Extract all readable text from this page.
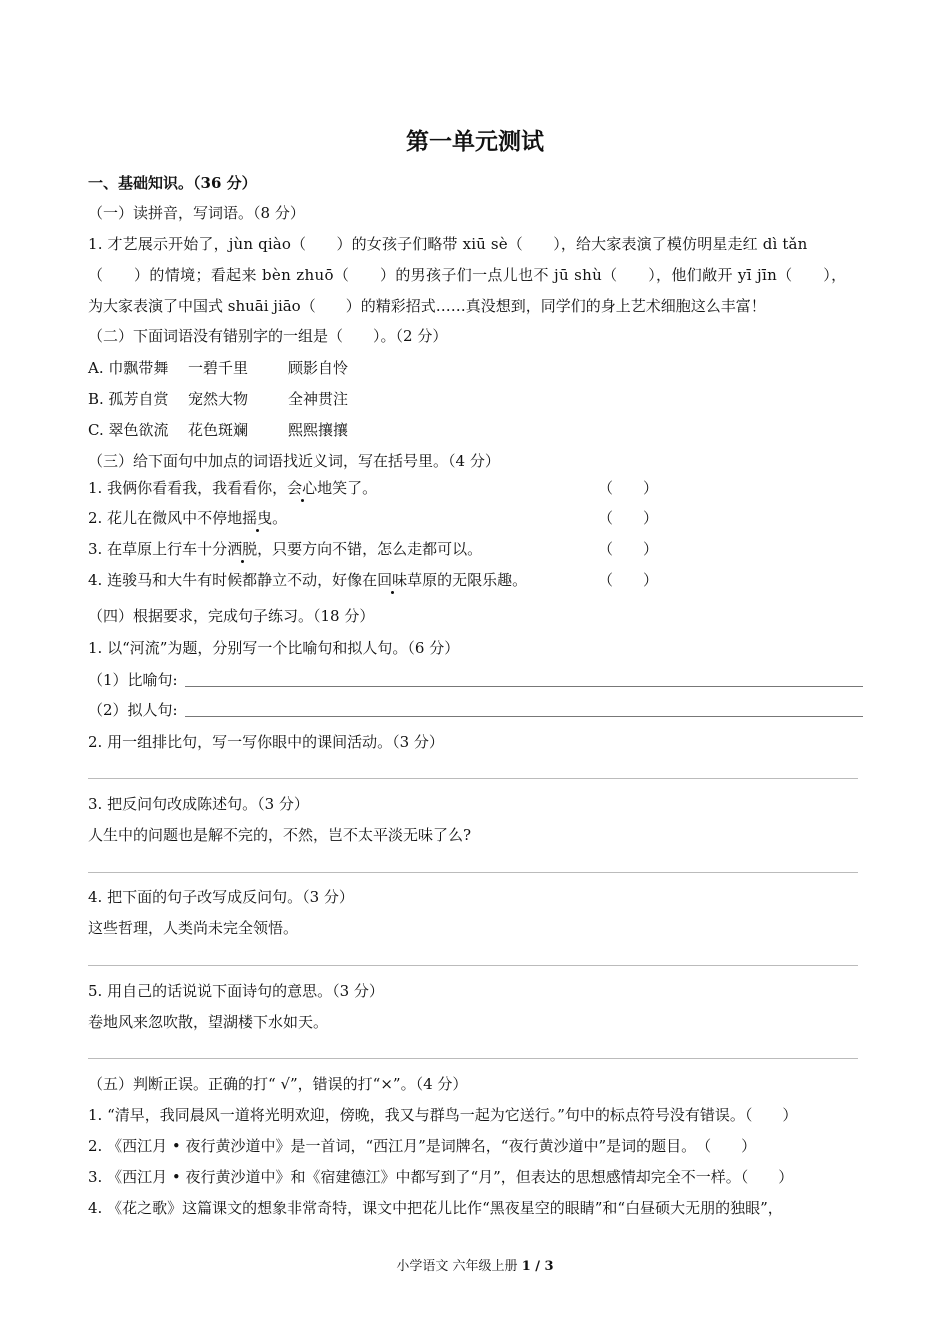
第一单元测试

一、基础知识。（36 分）

（一）读拼音，写词语。（8 分）

1. 才艺展示开始了，jùn qiào（　　）的女孩子们略带 xiū sè（　　），给大家表演了模仿明星走红 dì tǎn

（　　）的情境；看起来 bèn zhuō（　　）的男孩子们一点儿也不 jū shù（　　），他们敞开 yī jīn（　　），

为大家表演了中国式 shuāi jiāo（　　）的精彩招式……真没想到，同学们的身上艺术细胞这么丰富！

（二）下面词语没有错别字的一组是（　　）。（2 分）

A. 巾飘带舞 一碧千里	顾影自怜

B. 孤芳自赏 宠然大物	全神贯注

C. 翠色欲流 花色斑斓	熙熙攘攘

（三）给下面句中加点的词语找近义词，写在括号里。（4 分）

1. 我俩你看看我，我看看你，会心地笑了。	（　　）

2. 花儿在微风中不停地摇曳。	（　　）

3. 在草原上行车十分洒脱，只要方向不错，怎么走都可以。	（　　）

4. 连骏马和大牛有时候都静立不动，好像在回味草原的无限乐趣。	（　　）

（四）根据要求，完成句子练习。（18 分）

1. 以“河流”为题，分别写一个比喻句和拟人句。（6 分）

（1）比喻句:

（2）拟人句:

2. 用一组排比句，写一写你眼中的课间活动。（3 分）

3. 把反问句改成陈述句。（3 分）

人生中的问题也是解不完的，不然，岂不太平淡无味了么?

4. 把下面的句子改写成反问句。（3 分）

这些哲理，人类尚未完全领悟。

5. 用自己的话说说下面诗句的意思。（3 分）

卷地风来忽吹散，望湖楼下水如天。

（五）判断正误。正确的打“ √”，错误的打“×”。（4 分）

1. “清早，我同晨风一道将光明欢迎，傍晚，我又与群鸟一起为它送行。”句中的标点符号没有错误。（　　）

2. 《西江月 • 夜行黄沙道中》是一首词，“西江月”是词牌名，“夜行黄沙道中”是词的题目。　（　　）

3. 《西江月 • 夜行黄沙道中》和《宿建德江》中都写到了“月”，但表达的思想感情却完全不一样。（　　）

4. 《花之歌》这篇课文的想象非常奇特，课文中把花儿比作“黑夜星空的眼睛”和“白昼硕大无朋的独眼”，

小学语文 六年级上册 1 / 3
